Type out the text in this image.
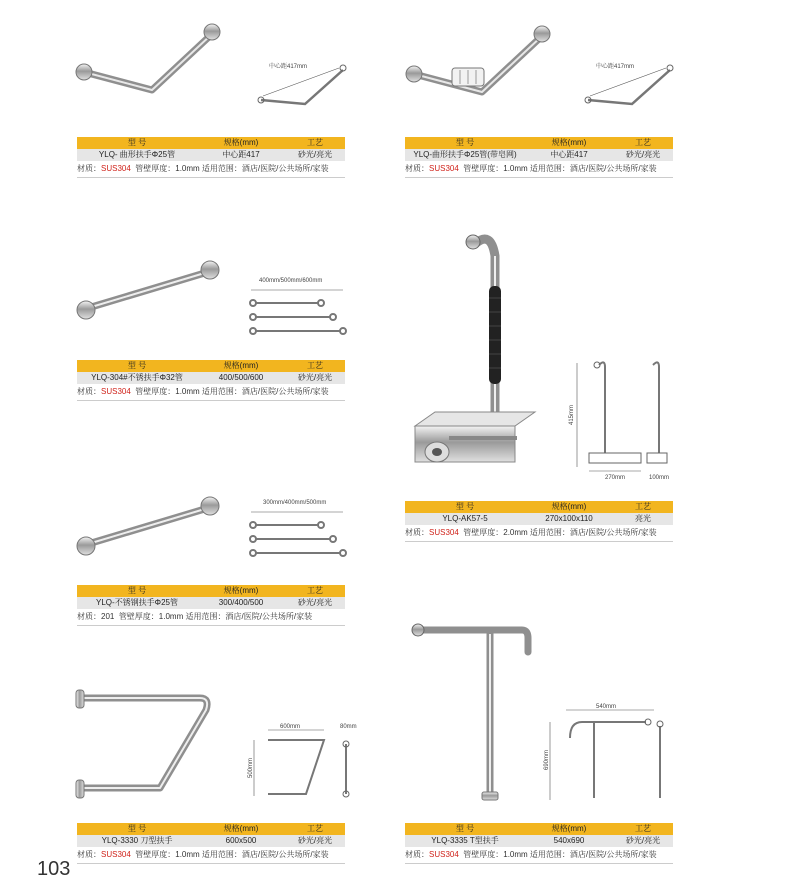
中心距417mm	中心距417mm
400mm/500mm/600mm
415mm
270mm	100mm
300mm/400mm/500mm
600mm
500mm
80mm
540mm
690mm
型 号	规格(mm)	工艺
YLQ- 曲形扶手Φ25管	中心距417	砂光/亮光
材质：SUS304 管壁厚度：1.0mm 适用范围：酒店/医院/公共场所/家装
型 号	规格(mm)	工艺
YLQ-曲形扶手Φ25管(带皂网)	中心距417	砂光/亮光
材质：SUS304 管壁厚度：1.0mm 适用范围：酒店/医院/公共场所/家装
型 号	规格(mm)	工艺
YLQ-304#不锈扶手Φ32管	400/500/600	砂光/亮光
材质：SUS304 管壁厚度：1.0mm 适用范围：酒店/医院/公共场所/家装
型 号	规格(mm)	工艺
YLQ-AK57-5	270x100x110	亮光
材质：SUS304 管壁厚度：2.0mm 适用范围：酒店/医院/公共场所/家装
型 号	规格(mm)	工艺
YLQ-不锈钢扶手Φ25管	300/400/500	砂光/亮光
材质：201 管壁厚度：1.0mm 适用范围：酒店/医院/公共场所/家装
型 号	规格(mm)	工艺
YLQ-3330 刀型扶手	600x500	砂光/亮光
材质：SUS304 管壁厚度：1.0mm 适用范围：酒店/医院/公共场所/家装
型 号	规格(mm)	工艺
YLQ-3335 T型扶手	540x690	砂光/亮光
材质：SUS304 管壁厚度：1.0mm 适用范围：酒店/医院/公共场所/家装
103
